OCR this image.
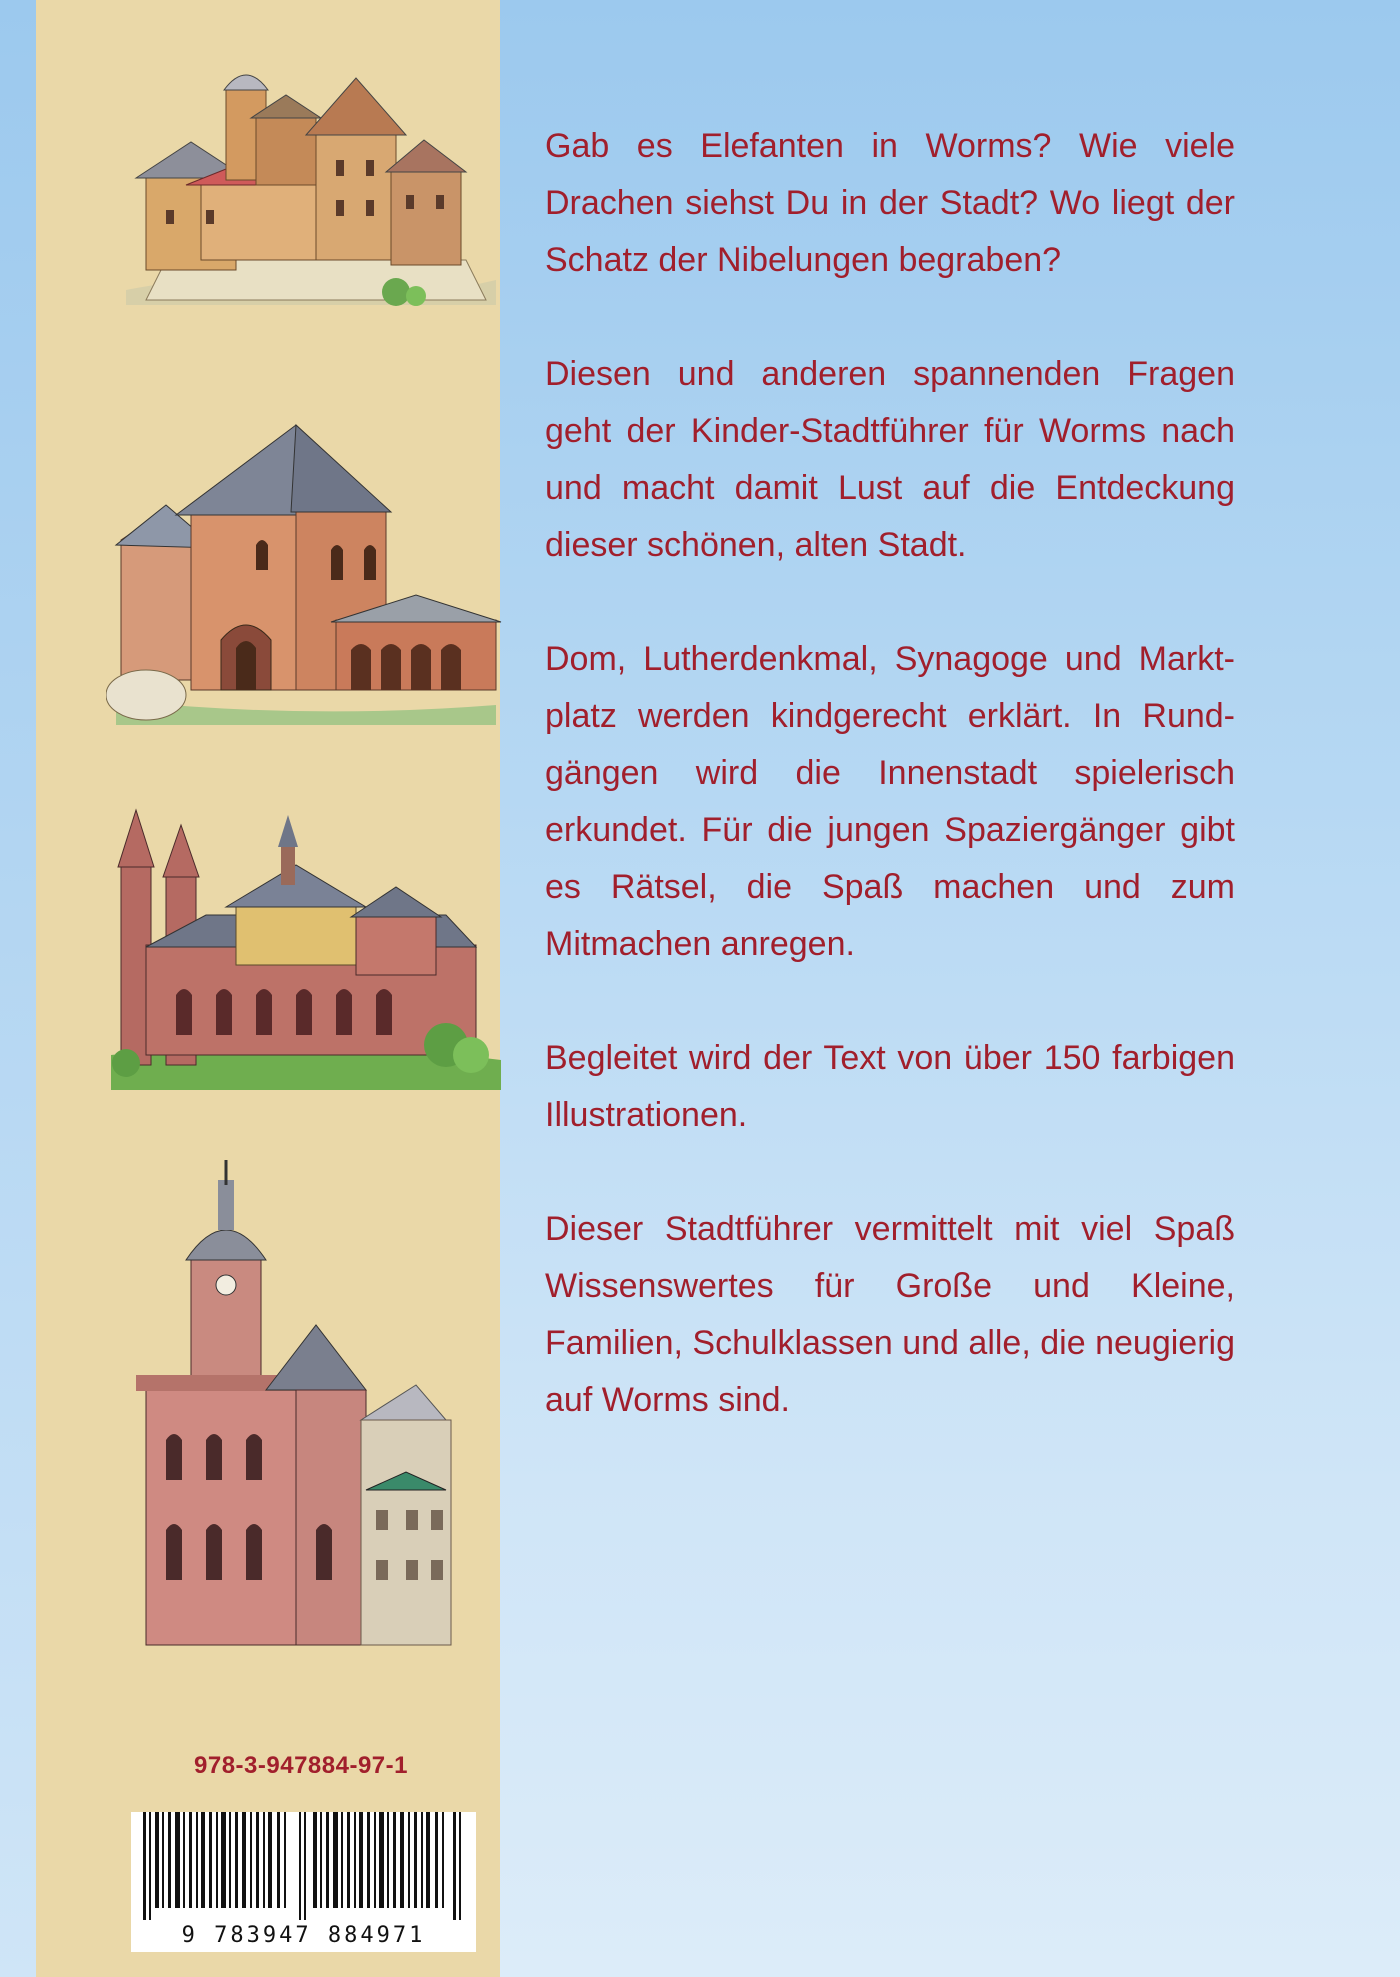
978-3-947884-97-1
9 783947 884971

Gab es Elefanten in Worms? Wie viele Drachen siehst Du in der Stadt? Wo liegt der Schatz der Nibelungen begraben?

Diesen und anderen spannenden Fragen geht der Kinder-Stadtführer für Worms nach und macht damit Lust auf die Entdeckung dieser schönen, alten Stadt.

Dom, Lutherdenkmal, Synagoge und Markt-platz werden kindgerecht erklärt. In Rund-gängen wird die Innenstadt spielerisch erkundet. Für die jungen Spaziergänger gibt es Rätsel, die Spaß machen und zum Mitmachen anregen.

Begleitet wird der Text von über 150 farbigen Illustrationen.

Dieser Stadtführer vermittelt mit viel Spaß Wissenswertes für Große und Kleine, Familien, Schulklassen und alle, die neugierig auf Worms sind.
